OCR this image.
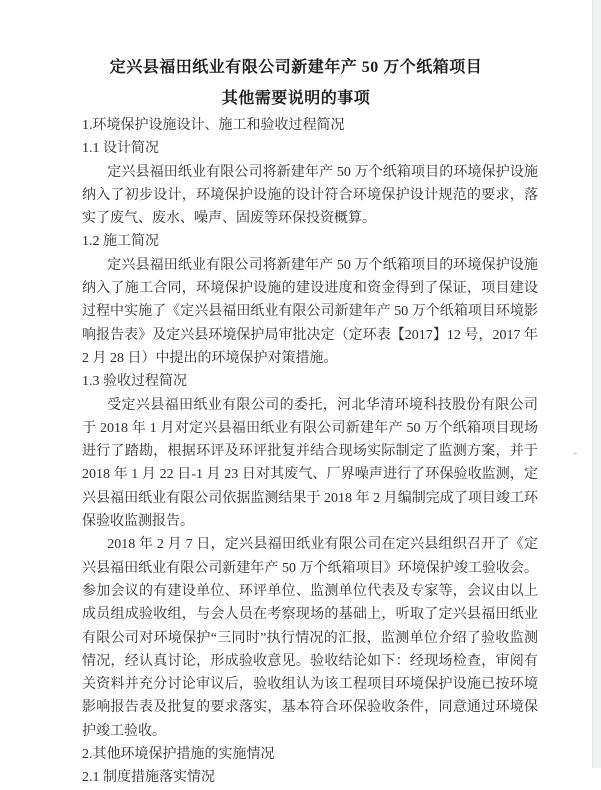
定兴县福田纸业有限公司新建年产 50 万个纸箱项目
其他需要说明的事项
1.环境保护设施设计、施工和验收过程简况
1.1 设计简况
定兴县福田纸业有限公司将新建年产 50 万个纸箱项目的环境保护设施纳入了初步设计，环境保护设施的设计符合环境保护设计规范的要求，落实了废气、废水、噪声、固废等环保投资概算。
1.2 施工简况
定兴县福田纸业有限公司将新建年产 50 万个纸箱项目的环境保护设施纳入了施工合同，环境保护设施的建设进度和资金得到了保证，项目建设过程中实施了《定兴县福田纸业有限公司新建年产 50 万个纸箱项目环境影响报告表》及定兴县环境保护局审批决定（定环表【2017】12 号，2017 年 2 月 28 日）中提出的环境保护对策措施。
1.3 验收过程简况
受定兴县福田纸业有限公司的委托，河北华清环境科技股份有限公司于 2018 年 1 月对定兴县福田纸业有限公司新建年产 50 万个纸箱项目现场进行了踏勘，根据环评及环评批复并结合现场实际制定了监测方案，并于 2018 年 1 月 22 日-1 月 23 日对其废气、厂界噪声进行了环保验收监测，定兴县福田纸业有限公司依据监测结果于 2018 年 2 月编制完成了项目竣工环保验收监测报告。
2018 年 2 月 7 日，定兴县福田纸业有限公司在定兴县组织召开了《定兴县福田纸业有限公司新建年产 50 万个纸箱项目》环境保护竣工验收会。参加会议的有建设单位、环评单位、监测单位代表及专家等，会议由以上成员组成验收组，与会人员在考察现场的基础上，听取了定兴县福田纸业有限公司对环境保护“三同时”执行情况的汇报，监测单位介绍了验收监测情况，经认真讨论，形成验收意见。验收结论如下：经现场检查，审阅有关资料并充分讨论审议后，验收组认为该工程项目环境保护设施已按环境影响报告表及批复的要求落实，基本符合环保验收条件，同意通过环境保护竣工验收。
2.其他环境保护措施的实施情况
2.1 制度措施落实情况
